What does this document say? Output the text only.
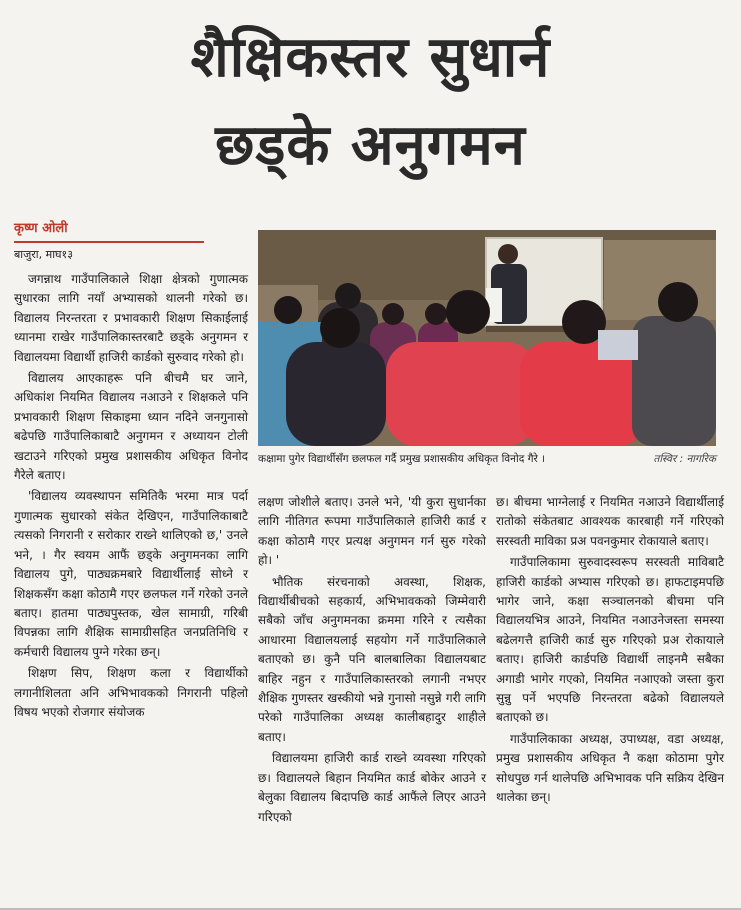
शैक्षिकस्तर सुधार्न
छड्के अनुगमन

कृष्ण ओली

बाजुरा, माघ१३

जगन्नाथ गाउँपालिकाले शिक्षा क्षेत्रको गुणात्मक सुधारका लागि नयाँ अभ्यासको थालनी गरेको छ। विद्यालय निरन्तरता र प्रभावकारी शिक्षण सिकाईलाई ध्यानमा राखेर गाउँपालिकास्तरबाटै छड्के अनुगमन र विद्यालयमा विद्यार्थी हाजिरी कार्डको सुरुवाद गरेको हो।

विद्यालय आएकाहरू पनि बीचमै घर जाने, अधिकांश नियमित विद्यालय नआउने र शिक्षकले पनि प्रभावकारी शिक्षण सिकाइमा ध्यान नदिने जनगुनासो बढेपछि गाउँपालिकाबाटै अनुगमन र अध्यायन टोली खटाउने गरिएको प्रमुख प्रशासकीय अधिकृत विनोद गैरेले बताए।

'विद्यालय व्यवस्थापन समितिकै भरमा मात्र पर्दा गुणात्मक सुधारको संकेत देखिएन, गाउँपालिकाबाटै त्यसको निगरानी र सरोकार राख्ने थालिएको छ,' उनले भने, । गैर स्वयम आफैं छड्के अनुगमनका लागि विद्यालय पुगे, पाठ्यक्रमबारे विद्यार्थीलाई सोध्ने र शिक्षकसँग कक्षा कोठामै गएर छलफल गर्ने गरेको उनले बताए। हातमा पाठ्यपुस्तक, खेल सामाग्री, गरिबी विपन्नका लागि शैक्षिक सामाग्रीसहित जनप्रतिनिधि र कर्मचारी विद्यालय पुग्ने गरेका छन्।

शिक्षण सिप, शिक्षण कला र विद्यार्थीको लगानीशिलता अनि अभिभावकको निगरानी पहिलो विषय भएको रोजगार संयोजक

कक्षामा पुगेर विद्यार्थीसँग छलफल गर्दै प्रमुख प्रशासकीय अधिकृत विनोद गैरे ।	तस्विर : नागरिक

लक्षण जोशीले बताए। उनले भने, 'यी कुरा सुधार्नका लागि नीतिगत रूपमा गाउँपालिकाले हाजिरी कार्ड र कक्षा कोठामै गएर प्रत्यक्ष अनुगमन गर्न सुरु गरेको हो। '

भौतिक संरचनाको अवस्था, शिक्षक, विद्यार्थीबीचको सहकार्य, अभिभावकको जिम्मेवारी सबैको जाँच अनुगमनका क्रममा गरिने र त्यसैका आधारमा विद्यालयलाई सहयोग गर्ने गाउँपालिकाले बताएको छ। कुनै पनि बालबालिका विद्यालयबाट बाहिर नहुन र गाउँपालिकास्तरको लगानी नभएर शैक्षिक गुणस्तर खस्कीयो भन्ने गुनासो नसुन्ने गरी लागि परेको गाउँपालिका अध्यक्ष कालीबहादुर शाहीले बताए।

विद्यालयमा हाजिरी कार्ड राख्ने व्यवस्था गरिएको छ। विद्यालयले बिहान नियमित कार्ड बोकेर आउने र बेलुका विद्यालय बिदापछि कार्ड आफैंले लिएर आउने गरिएको

छ। बीचमा भाग्नेलाई र नियमित नआउने विद्यार्थीलाई रातोको संकेतबाट आवश्यक कारबाही गर्ने गरिएको सरस्वती माविका प्रअ पवनकुमार रोकायाले बताए।

गाउँपालिकामा सुरुवादस्वरूप सरस्वती माविबाटै हाजिरी कार्डको अभ्यास गरिएको छ। हाफटाइमपछि भागेर जाने, कक्षा सञ्चालनको बीचमा पनि विद्यालयभित्र आउने, नियमित नआउनेजस्ता समस्या बढेलगत्तै हाजिरी कार्ड सुरु गरिएको प्रअ रोकायाले बताए। हाजिरी कार्डपछि विद्यार्थी लाइनमै सबैका अगाडी भागेर गएको, नियमित नआएको जस्ता कुरा सुन्नु पर्ने भएपछि निरन्तरता बढेको विद्यालयले बताएको छ।

गाउँपालिकाका अध्यक्ष, उपाध्यक्ष, वडा अध्यक्ष, प्रमुख प्रशासकीय अधिकृत नै कक्षा कोठामा पुगेर सोधपुछ गर्न थालेपछि अभिभावक पनि सक्रिय देखिन थालेका छन्।
